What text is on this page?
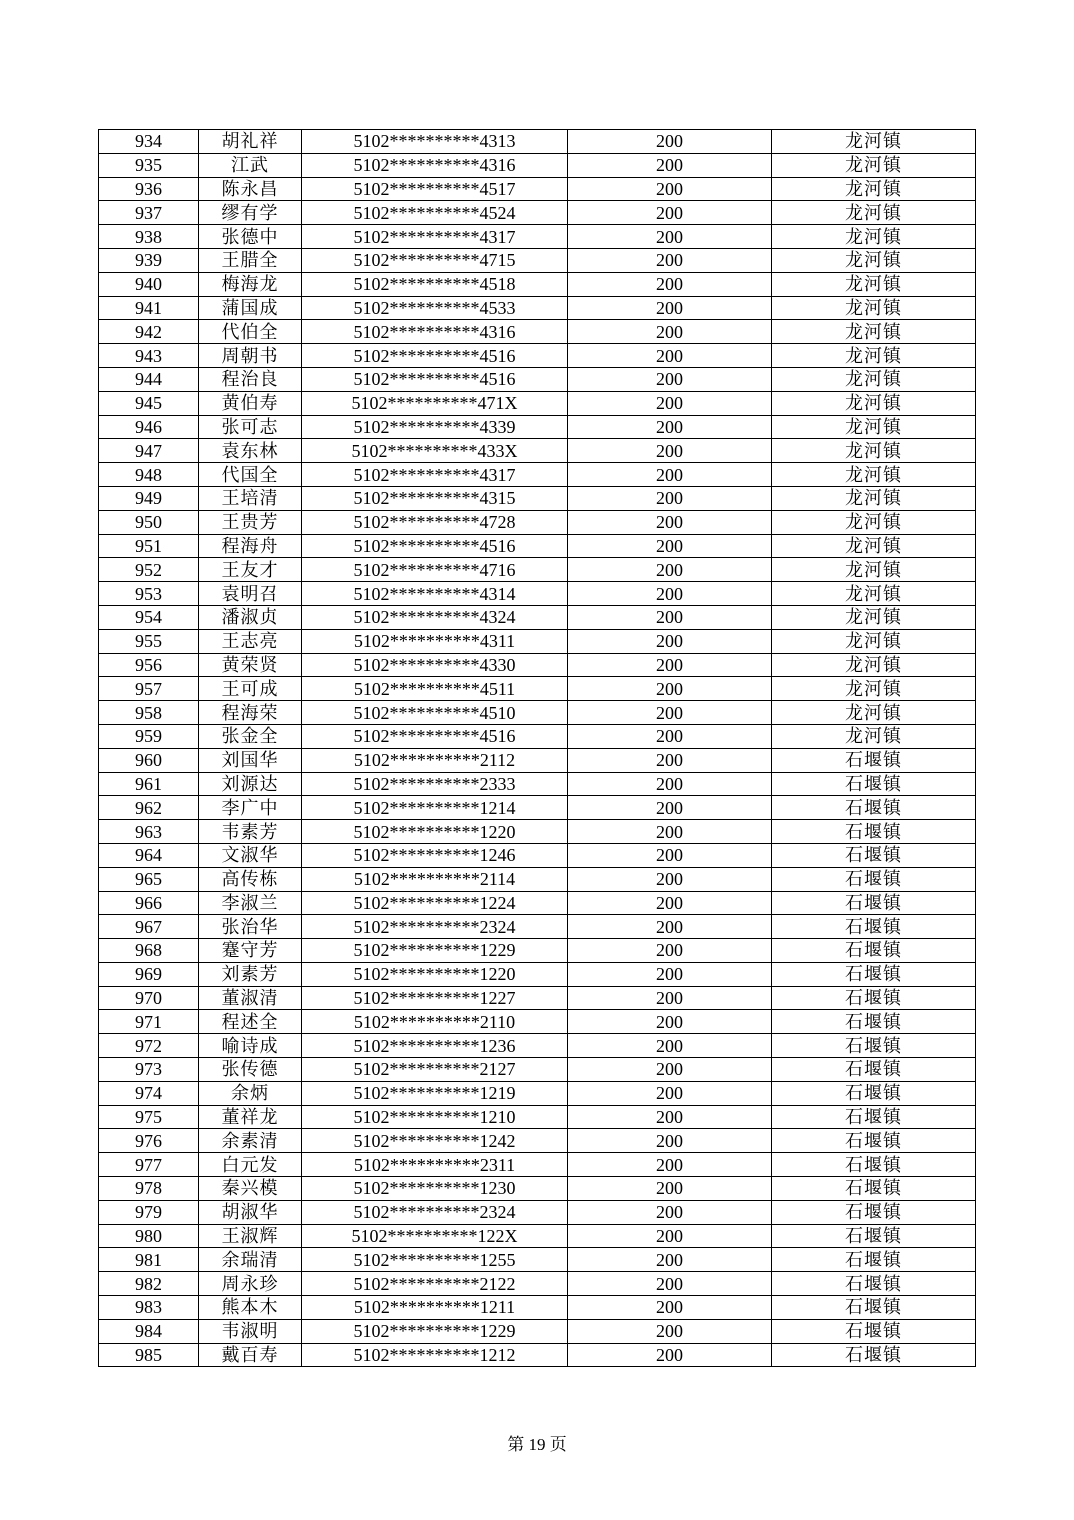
934	胡礼祥	5102**********4313	200	龙河镇
935	江武	5102**********4316	200	龙河镇
936	陈永昌	5102**********4517	200	龙河镇
937	缪有学	5102**********4524	200	龙河镇
938	张德中	5102**********4317	200	龙河镇
939	王腊全	5102**********4715	200	龙河镇
940	梅海龙	5102**********4518	200	龙河镇
941	蒲国成	5102**********4533	200	龙河镇
942	代伯全	5102**********4316	200	龙河镇
943	周朝书	5102**********4516	200	龙河镇
944	程治良	5102**********4516	200	龙河镇
945	黄伯寿	5102**********471X	200	龙河镇
946	张可志	5102**********4339	200	龙河镇
947	袁东林	5102**********433X	200	龙河镇
948	代国全	5102**********4317	200	龙河镇
949	王培清	5102**********4315	200	龙河镇
950	王贵芳	5102**********4728	200	龙河镇
951	程海舟	5102**********4516	200	龙河镇
952	王友才	5102**********4716	200	龙河镇
953	袁明召	5102**********4314	200	龙河镇
954	潘淑贞	5102**********4324	200	龙河镇
955	王志亮	5102**********4311	200	龙河镇
956	黄荣贤	5102**********4330	200	龙河镇
957	王可成	5102**********4511	200	龙河镇
958	程海荣	5102**********4510	200	龙河镇
959	张金全	5102**********4516	200	龙河镇
960	刘国华	5102**********2112	200	石堰镇
961	刘源达	5102**********2333	200	石堰镇
962	李广中	5102**********1214	200	石堰镇
963	韦素芳	5102**********1220	200	石堰镇
964	文淑华	5102**********1246	200	石堰镇
965	高传栋	5102**********2114	200	石堰镇
966	李淑兰	5102**********1224	200	石堰镇
967	张治华	5102**********2324	200	石堰镇
968	蹇守芳	5102**********1229	200	石堰镇
969	刘素芳	5102**********1220	200	石堰镇
970	董淑清	5102**********1227	200	石堰镇
971	程述全	5102**********2110	200	石堰镇
972	喻诗成	5102**********1236	200	石堰镇
973	张传德	5102**********2127	200	石堰镇
974	余炳	5102**********1219	200	石堰镇
975	董祥龙	5102**********1210	200	石堰镇
976	余素清	5102**********1242	200	石堰镇
977	白元发	5102**********2311	200	石堰镇
978	秦兴模	5102**********1230	200	石堰镇
979	胡淑华	5102**********2324	200	石堰镇
980	王淑辉	5102**********122X	200	石堰镇
981	余瑞清	5102**********1255	200	石堰镇
982	周永珍	5102**********2122	200	石堰镇
983	熊本木	5102**********1211	200	石堰镇
984	韦淑明	5102**********1229	200	石堰镇
985	戴百寿	5102**********1212	200	石堰镇
第 19 页
